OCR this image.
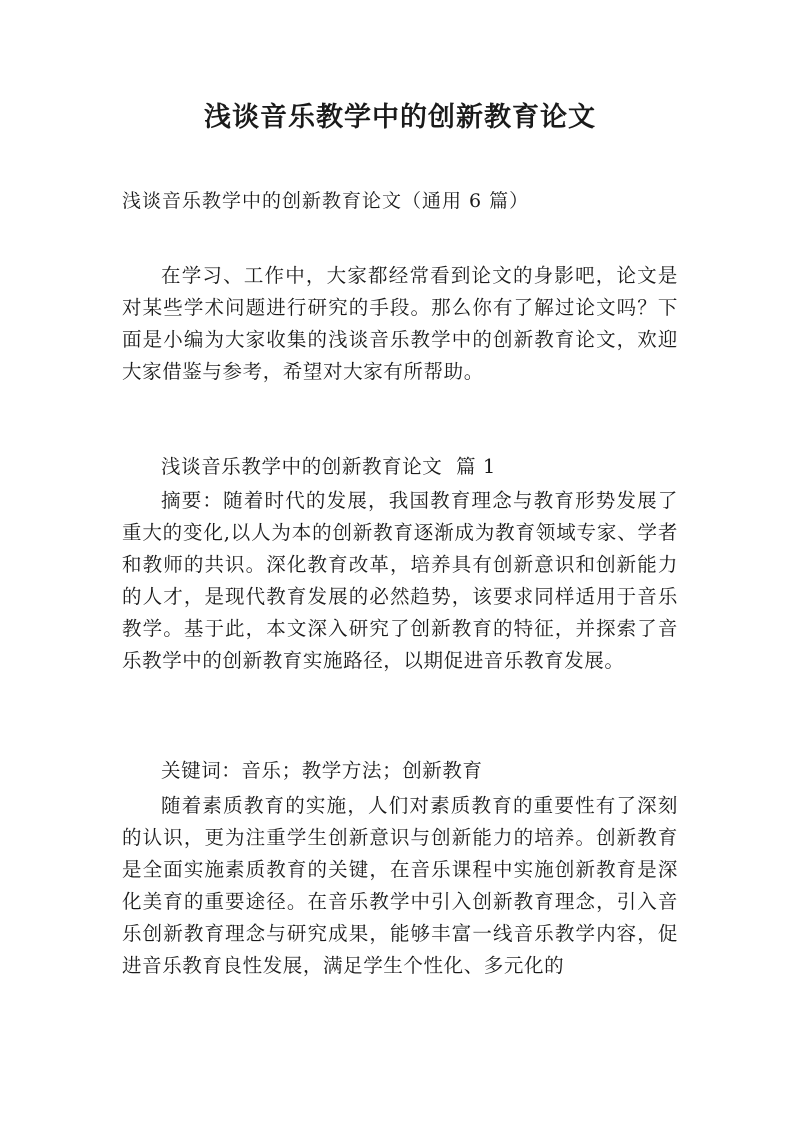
浅谈音乐教学中的创新教育论文
浅谈音乐教学中的创新教育论文（通用 6 篇）
在学习、工作中，大家都经常看到论文的身影吧，论文是对某些学术问题进行研究的手段。那么你有了解过论文吗？下面是小编为大家收集的浅谈音乐教学中的创新教育论文，欢迎大家借鉴与参考，希望对大家有所帮助。
浅谈音乐教学中的创新教育论文  篇 1
摘要：随着时代的发展，我国教育理念与教育形势发展了重大的变化,以人为本的创新教育逐渐成为教育领域专家、学者和教师的共识。深化教育改革，培养具有创新意识和创新能力的人才，是现代教育发展的必然趋势，该要求同样适用于音乐教学。基于此，本文深入研究了创新教育的特征，并探索了音乐教学中的创新教育实施路径，以期促进音乐教育发展。
关键词：音乐；教学方法；创新教育
随着素质教育的实施，人们对素质教育的重要性有了深刻的认识，更为注重学生创新意识与创新能力的培养。创新教育是全面实施素质教育的关键，在音乐课程中实施创新教育是深化美育的重要途径。在音乐教学中引入创新教育理念，引入音乐创新教育理念与研究成果，能够丰富一线音乐教学内容，促进音乐教育良性发展，满足学生个性化、多元化的
